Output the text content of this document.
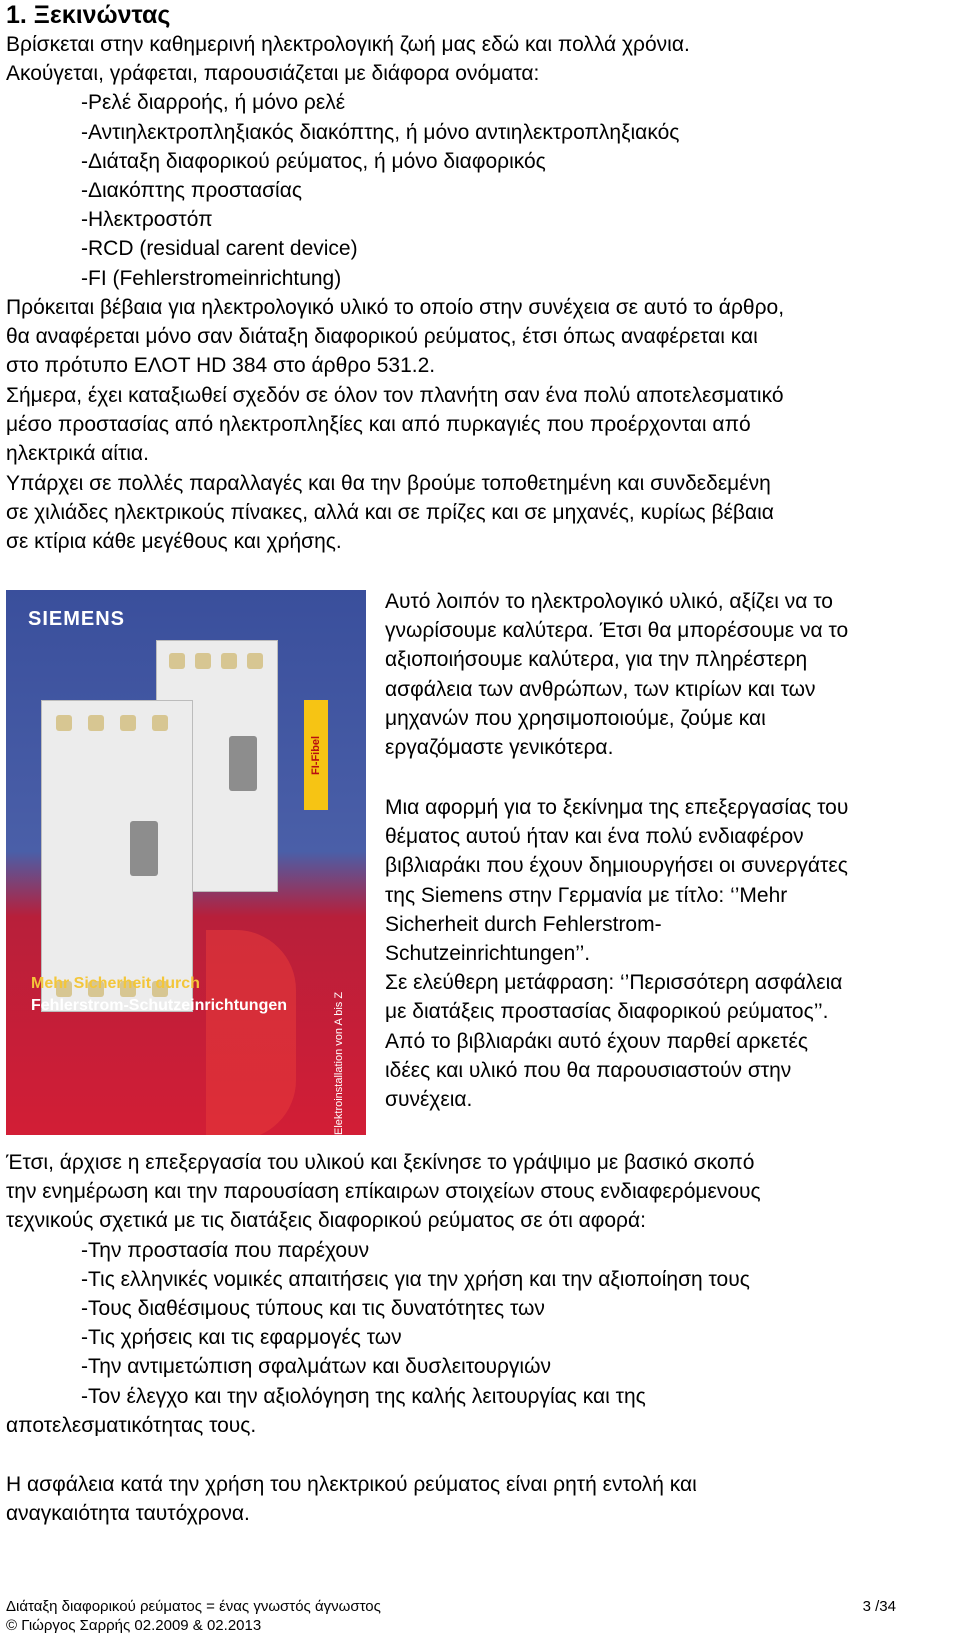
1. Ξεκινώντας
Βρίσκεται στην καθημερινή ηλεκτρολογική ζωή μας εδώ και πολλά χρόνια.
Ακούγεται, γράφεται, παρουσιάζεται με διάφορα ονόματα:
-Ρελέ διαρροής, ή μόνο ρελέ
-Αντιηλεκτροπληξιακός διακόπτης, ή μόνο αντιηλεκτροπληξιακός
-Διάταξη διαφορικού ρεύματος, ή μόνο διαφορικός
-Διακόπτης προστασίας
-Ηλεκτροστόπ
-RCD (residual carent device)
-FI (Fehlerstromeinrichtung)
Πρόκειται βέβαια για ηλεκτρολογικό υλικό το οποίο στην συνέχεια σε αυτό το άρθρο,
θα αναφέρεται μόνο σαν διάταξη διαφορικού ρεύματος, έτσι όπως αναφέρεται και
στο πρότυπο ΕΛΟΤ HD 384 στο άρθρο 531.2.
Σήμερα, έχει καταξιωθεί σχεδόν σε όλον τον πλανήτη σαν ένα πολύ αποτελεσματικό
μέσο προστασίας από ηλεκτροπληξίες και από πυρκαγιές που προέρχονται από
ηλεκτρικά αίτια.
Υπάρχει σε πολλές παραλλαγές και θα την βρούμε τοποθετημένη και συνδεδεμένη
σε χιλιάδες ηλεκτρικούς πίνακες, αλλά και σε πρίζες και σε μηχανές, κυρίως βέβαια
σε κτίρια κάθε μεγέθους και χρήσης.
SIEMENS
FI-Fibel
Mehr Sicherheit durch
Fehlerstrom-Schutzeinrichtungen	Elektroinstallation von A bis Z
Αυτό λοιπόν το ηλεκτρολογικό υλικό, αξίζει να το
γνωρίσουμε καλύτερα. Έτσι θα μπορέσουμε να το
αξιοποιήσουμε καλύτερα, για την πληρέστερη
ασφάλεια των ανθρώπων, των κτιρίων και των
μηχανών που χρησιμοποιούμε, ζούμε και
εργαζόμαστε γενικότερα.
Μια αφορμή για το ξεκίνημα της επεξεργασίας του
θέματος αυτού ήταν και ένα πολύ ενδιαφέρον
βιβλιαράκι που έχουν δημιουργήσει οι συνεργάτες
της Siemens στην Γερμανία με τίτλο: ‘’Mehr
Sicherheit durch Fehlerstrom-
Schutzeinrichtungen’’.
Σε ελεύθερη μετάφραση: ‘’Περισσότερη ασφάλεια
με διατάξεις προστασίας διαφορικού ρεύματος’’.
Από το βιβλιαράκι αυτό έχουν παρθεί αρκετές
ιδέες και υλικό που θα παρουσιαστούν στην
συνέχεια.
Έτσι, άρχισε η επεξεργασία του υλικού και ξεκίνησε το γράψιμο με βασικό σκοπό
την ενημέρωση και την παρουσίαση επίκαιρων στοιχείων στους ενδιαφερόμενους
τεχνικούς σχετικά με τις διατάξεις διαφορικού ρεύματος σε ότι αφορά:
-Την προστασία που παρέχουν
-Τις ελληνικές νομικές απαιτήσεις για την χρήση και την αξιοποίηση τους
-Τους διαθέσιμους τύπους και τις δυνατότητες των
-Τις χρήσεις και τις εφαρμογές των
-Την αντιμετώπιση σφαλμάτων και δυσλειτουργιών
-Τον έλεγχο και την αξιολόγηση της καλής λειτουργίας και της
αποτελεσματικότητας τους.
Η ασφάλεια κατά την χρήση του ηλεκτρικού ρεύματος είναι ρητή εντολή και
αναγκαιότητα ταυτόχρονα.
Διάταξη διαφορικού ρεύματος = ένας γνωστός άγνωστος	3 /34
© Γιώργος Σαρρής 02.2009 & 02.2013
